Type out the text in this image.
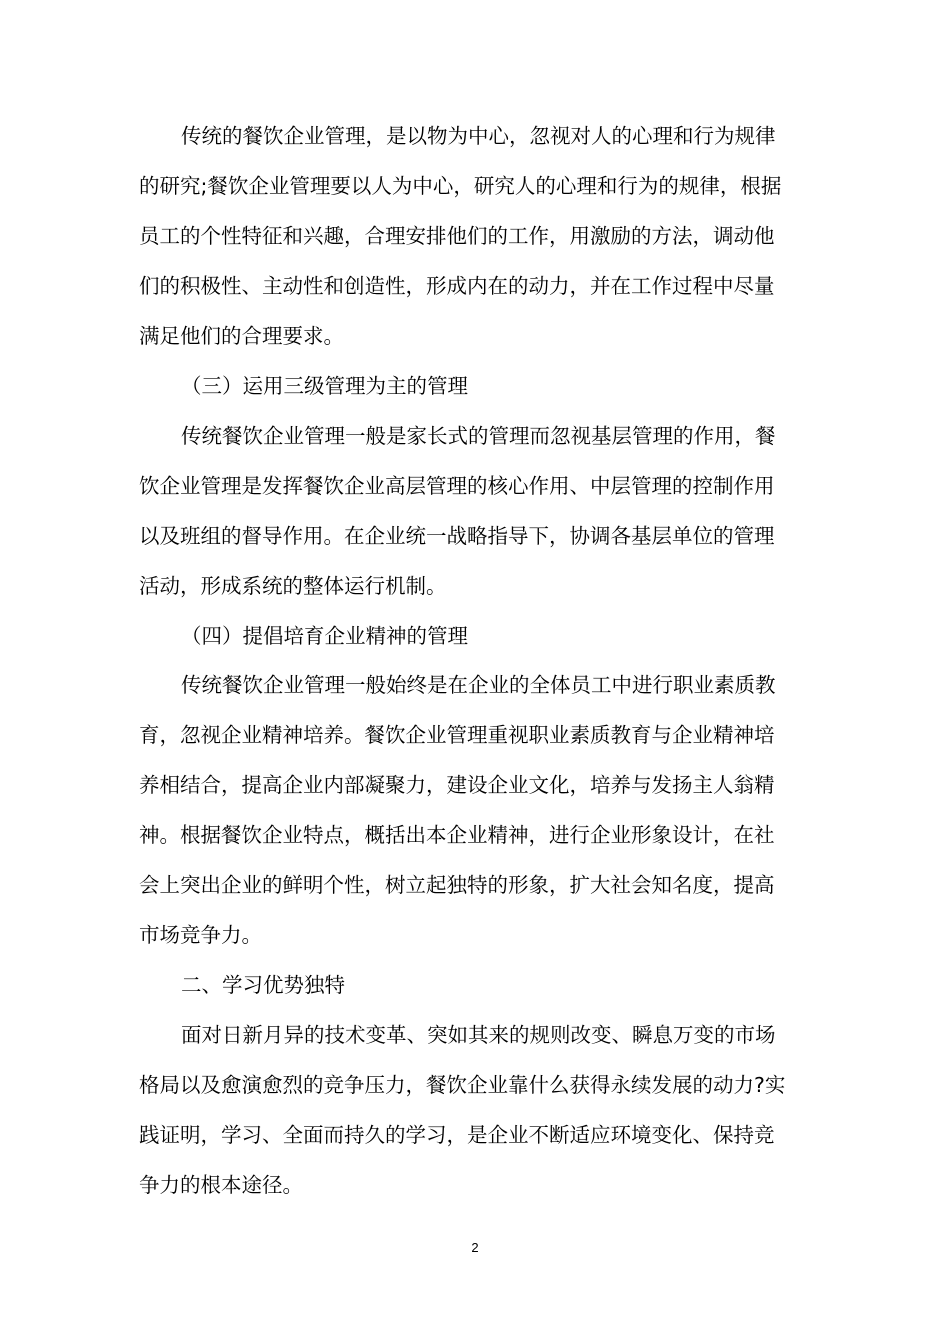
传统的餐饮企业管理，是以物为中心，忽视对人的心理和行为规律
的研究;餐饮企业管理要以人为中心，研究人的心理和行为的规律，根据
员工的个性特征和兴趣，合理安排他们的工作，用激励的方法，调动他
们的积极性、主动性和创造性，形成内在的动力，并在工作过程中尽量
满足他们的合理要求。
（三）运用三级管理为主的管理
传统餐饮企业管理一般是家长式的管理而忽视基层管理的作用，餐
饮企业管理是发挥餐饮企业高层管理的核心作用、中层管理的控制作用
以及班组的督导作用。在企业统一战略指导下，协调各基层单位的管理
活动，形成系统的整体运行机制。
（四）提倡培育企业精神的管理
传统餐饮企业管理一般始终是在企业的全体员工中进行职业素质教
育，忽视企业精神培养。餐饮企业管理重视职业素质教育与企业精神培
养相结合，提高企业内部凝聚力，建设企业文化，培养与发扬主人翁精
神。根据餐饮企业特点，概括出本企业精神，进行企业形象设计，在社
会上突出企业的鲜明个性，树立起独特的形象，扩大社会知名度，提高
市场竞争力。
二、学习优势独特
面对日新月异的技术变革、突如其来的规则改变、瞬息万变的市场
格局以及愈演愈烈的竞争压力，餐饮企业靠什么获得永续发展的动力?实
践证明，学习、全面而持久的学习，是企业不断适应环境变化、保持竞
争力的根本途径。
2
